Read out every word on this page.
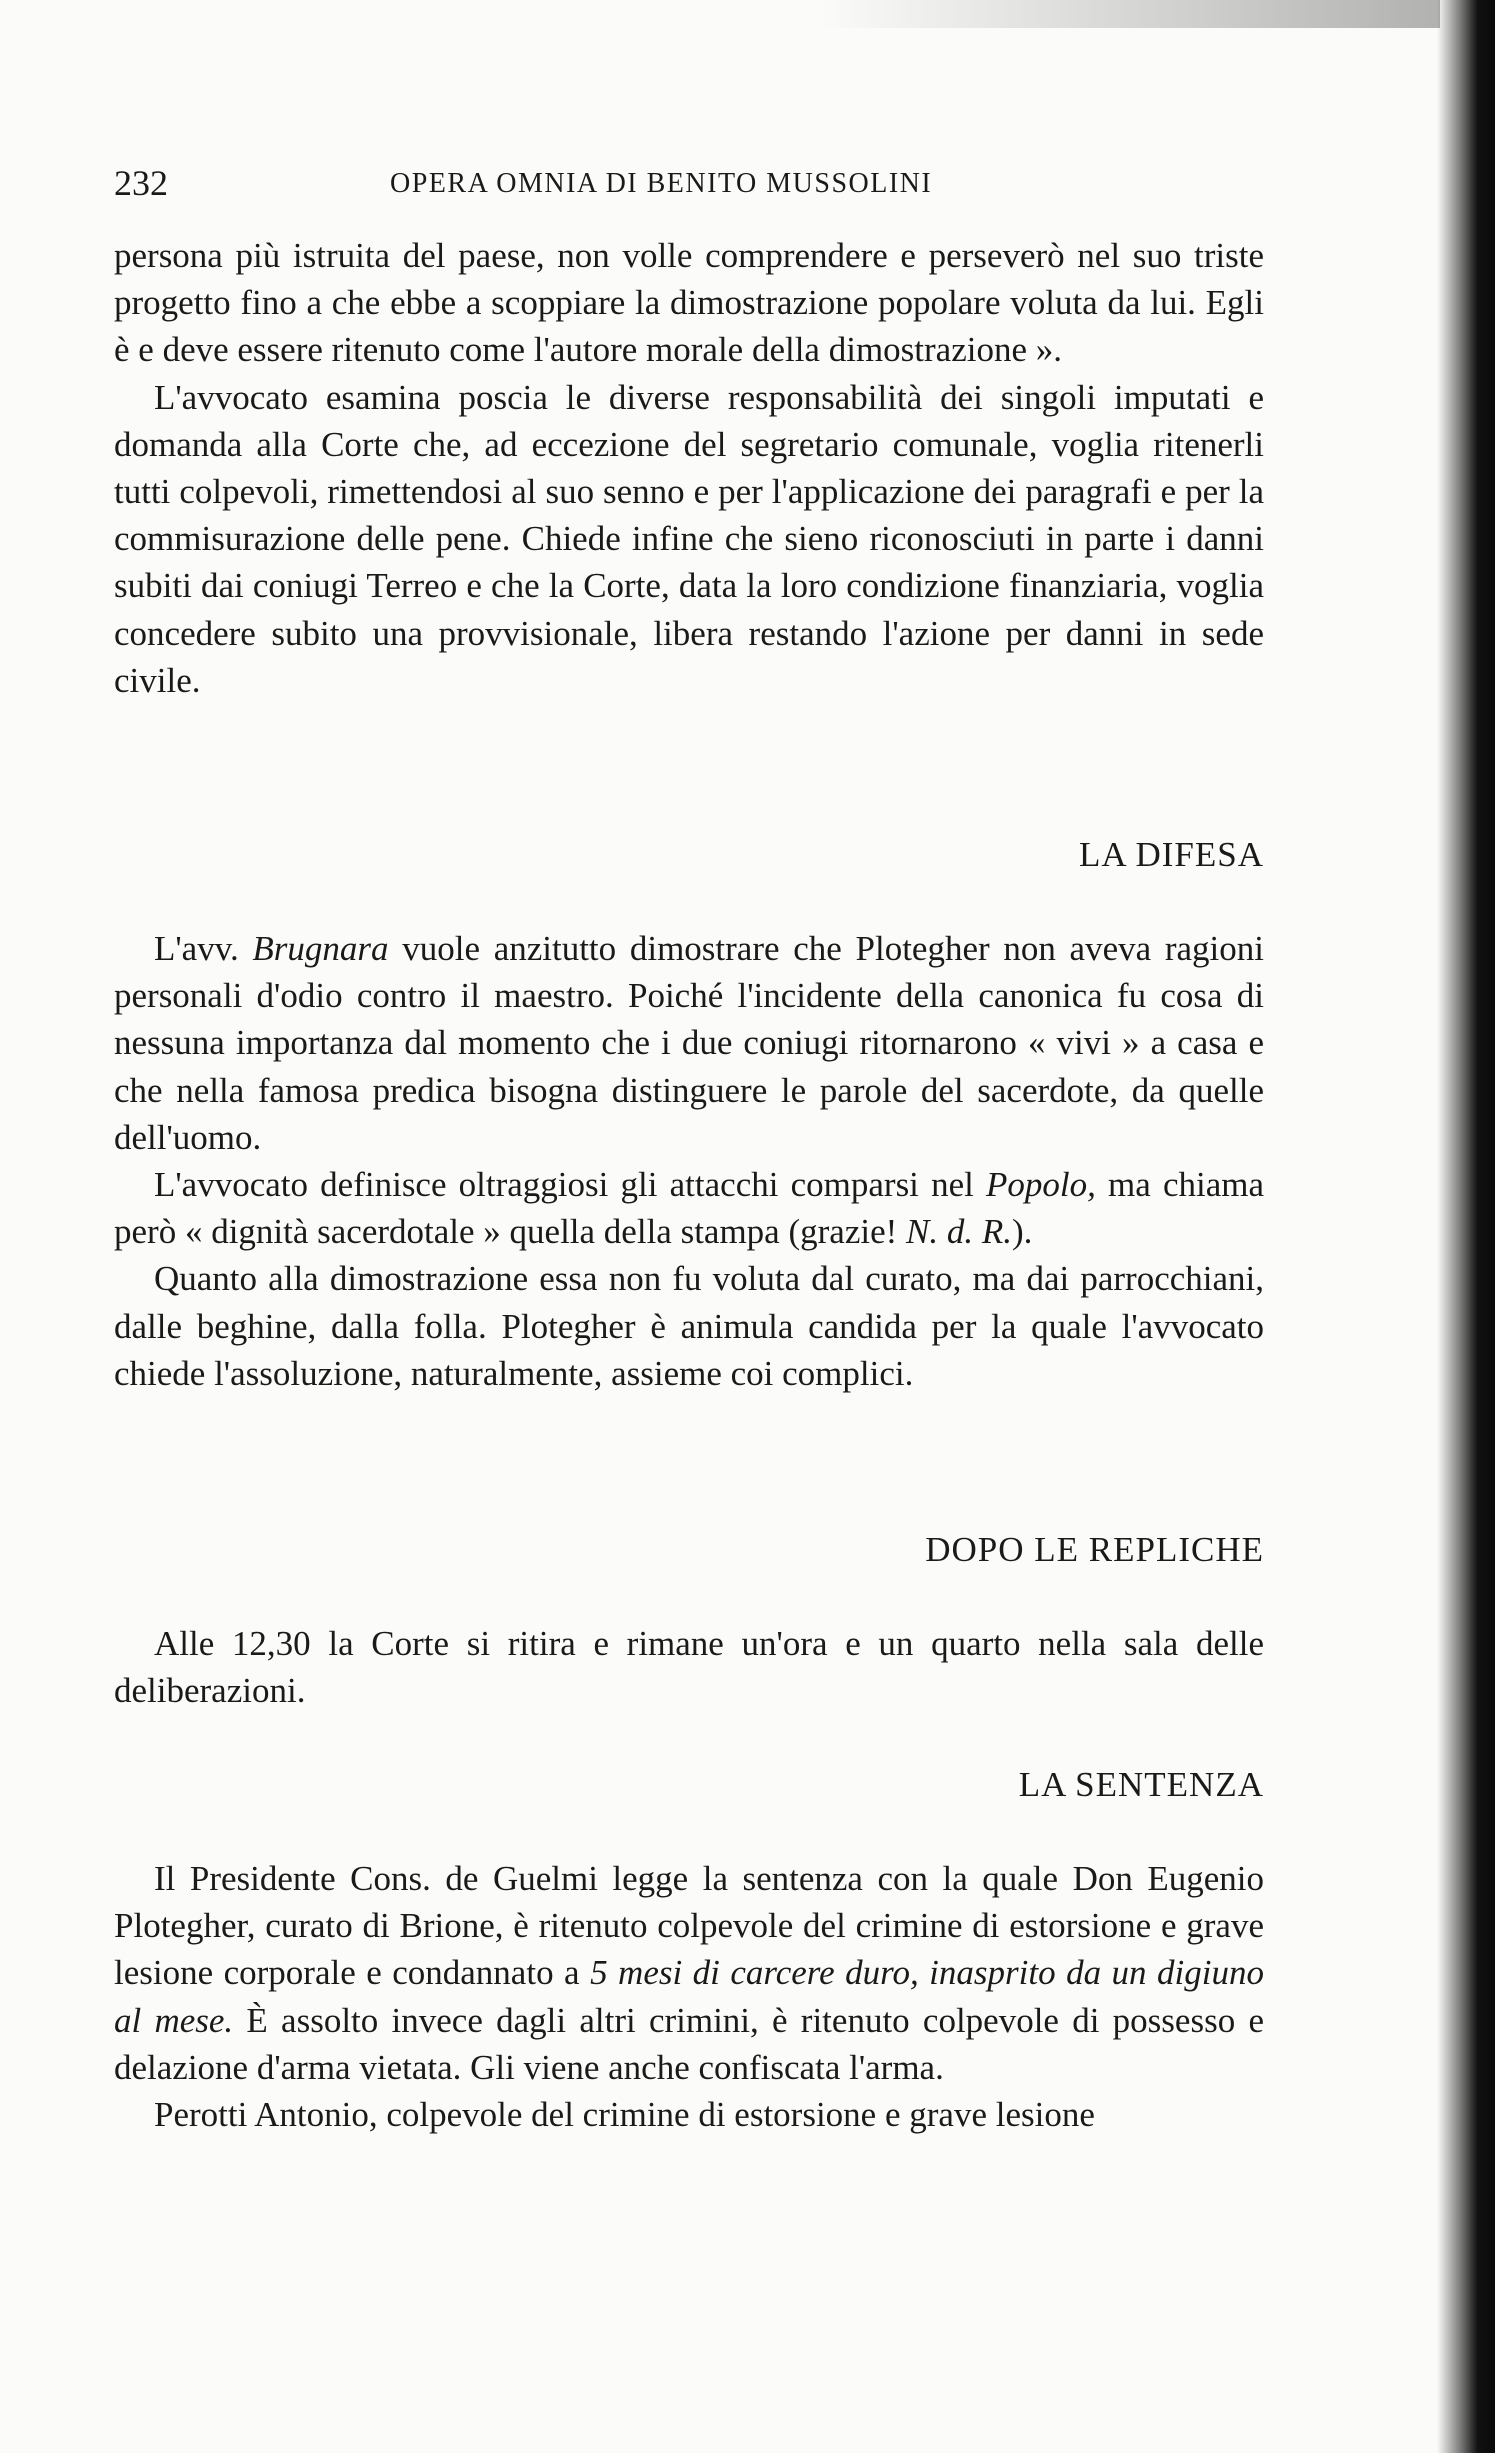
232	OPERA OMNIA DI BENITO MUSSOLINI

persona più istruita del paese, non volle comprendere e perseverò nel suo triste progetto fino a che ebbe a scoppiare la dimostrazione popolare voluta da lui. Egli è e deve essere ritenuto come l'autore morale della dimostrazione ».

L'avvocato esamina poscia le diverse responsabilità dei singoli imputati e domanda alla Corte che, ad eccezione del segretario comunale, voglia ritenerli tutti colpevoli, rimettendosi al suo senno e per l'applicazione dei paragrafi e per la commisurazione delle pene. Chiede infine che sieno riconosciuti in parte i danni subiti dai coniugi Terreo e che la Corte, data la loro condizione finanziaria, voglia concedere subito una provvisionale, libera restando l'azione per danni in sede civile.

LA DIFESA

L'avv. Brugnara vuole anzitutto dimostrare che Plotegher non aveva ragioni personali d'odio contro il maestro. Poiché l'incidente della canonica fu cosa di nessuna importanza dal momento che i due coniugi ritornarono « vivi » a casa e che nella famosa predica bisogna distinguere le parole del sacerdote, da quelle dell'uomo.

L'avvocato definisce oltraggiosi gli attacchi comparsi nel Popolo, ma chiama però « dignità sacerdotale » quella della stampa (grazie! N. d. R.).

Quanto alla dimostrazione essa non fu voluta dal curato, ma dai parrocchiani, dalle beghine, dalla folla. Plotegher è animula candida per la quale l'avvocato chiede l'assoluzione, naturalmente, assieme coi complici.

DOPO LE REPLICHE

Alle 12,30 la Corte si ritira e rimane un'ora e un quarto nella sala delle deliberazioni.

LA SENTENZA

Il Presidente Cons. de Guelmi legge la sentenza con la quale Don Eugenio Plotegher, curato di Brione, è ritenuto colpevole del crimine di estorsione e grave lesione corporale e condannato a 5 mesi di carcere duro, inasprito da un digiuno al mese. È assolto invece dagli altri crimini, è ritenuto colpevole di possesso e delazione d'arma vietata. Gli viene anche confiscata l'arma.

Perotti Antonio, colpevole del crimine di estorsione e grave lesione
